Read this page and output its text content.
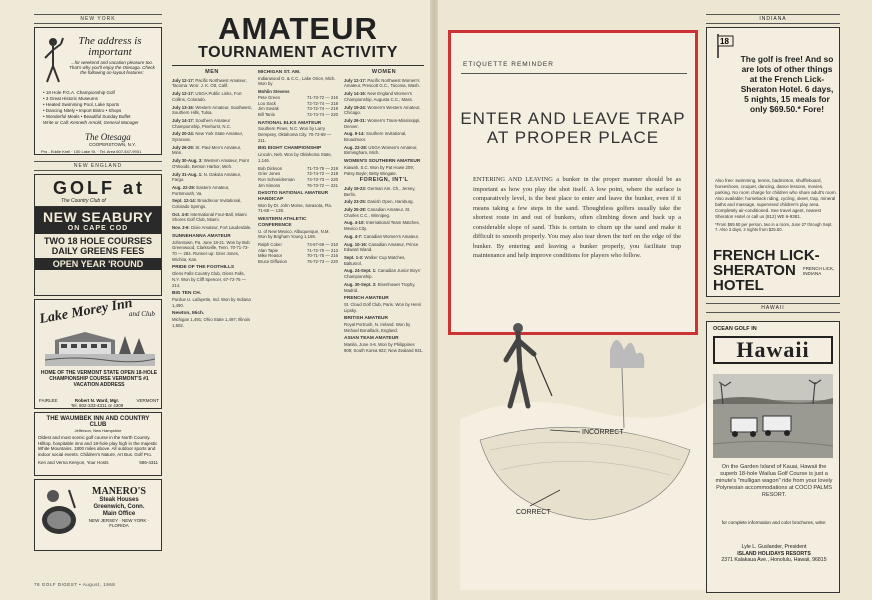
NEW YORK
The address is important
...for weekend and vacation pleasure too. That's why you'll enjoy the Otesaga. Check the following on-layout features:
• 18 Hole P.G.A. Championship Golf
• 3 Great Historic Museums
• Heated Swimming Pool, Lake Sports
• Dancing Nitely • Import Bistro • Shops
• Wonderful Meals • Beautiful Sunday Buffet
Write or Call: Kenneth Arnold, General Manager
The Otesaga
COOPERSTOWN, N.Y.
Pro - Eddie Krell · 100 Lake St. · Tel. Area 607-547-9931
NEW ENGLAND
GOLF at
The Country Club of
NEW SEABURY
ON CAPE COD
TWO 18 HOLE COURSES
DAILY GREENS FEES
OPEN YEAR 'ROUND
Lake Morey Inn
and Club
HOME OF THE VERMONT STATE OPEN 18-HOLE CHAMPIONSHIP COURSE VERMONT'S #1 VACATION ADDRESS
FAIRLEE	Robert N. Ward, Mgr.
Tel. 802-333-4311 or 4309
VERMONT
THE WAUMBEK INN AND COUNTRY CLUB
Jefferson, New Hampshire
Oldest and most scenic golf course in the North Country. Hilltop, hospitable inns and 18-hole play high in the majestic White Mountains. 1800 miles above. All outdoor sports and indoor social events. Children's Nature, Art Bus. Golf Pro.
Ken and Verna Kenyon, Your Hosts	586-4311
MANERO'S
Steak Houses
Greenwich, Conn.
Main Office
NEW JERSEY · NEW YORK · FLORIDA
78 GOLF DIGEST • August, 1968
AMATEUR
TOURNAMENT ACTIVITY
MEN

July 12-17: Pacific Northwest Amateur, Tacoma. Won: J. K. Ott, Calif.

July 12-17: USGA Public Links, Fort Collins, Colorado.

July 13-16: Western Amateur, Southwest, Southern Hills, Tulsa.

July 14-17: Southern Amateur Championship, Pinehurst, N.C.

July 20-24: New York State Amateur, Syracuse.

July 26-29: St. Paul Men's Amateur, Minn.

July 30-Aug. 3: Western Amateur, Point O'Woods, Benton Harbor, Mich.

July 31-Aug. 1: N. Dakota Amateur, Fargo.

Aug. 22-29: Eastern Amateur, Portsmouth, Va.

Sept. 12-14: Broadmoor Invitational, Colorado Springs.

Oct. 4-8: International Four-Ball, Miami Shores Golf Club, Miami.

Nov. 3-6: Dixie Amateur, Fort Lauderdale.

SUNNEHANNA AMATEUR

Johnstown, Pa. June 18-21. Won by Bob Greenwood, Clarksville, Tenn. 70-71-73-70 — 284. Runner-up: Grier Jones, Wichita, Kan.

PRIDE OF THE FOOTHILLS

Glens Falls Country Club, Glens Falls, N.Y. Won by Cliff Spencer, 67-72-75 — 214.

BIG TEN CH.

Purdue U. Lafayette, Ind. Won by Indiana 1,490.

Newton, Mich.

Michigan 1,491; Ohio State 1,497; Illinois 1,502.

MICHIGAN ST. AM.

Indianwood G. & C.C., Lake Orion, Mich. Won by

Mohlin Stevens

Pete Green	71-73-72 — 216

Lou Sack	72-72-74 — 218

Jim Soviak	73-72-74 — 219

Bill Tanis	72-74-74 — 220

NATIONAL ELKS AMATEUR

Southern Pines, N.C. Won by Larry Dempsey, Oklahoma City. 70-72-69 — 211.

BIG EIGHT CHAMPIONSHIP

Lincoln, Neb. Won by Oklahoma State, 1,146.

Bob Dickson	71-73-75 — 219

Grier Jones	72-74-72 — 218

Ron Schneiderman	74-73-73 — 220

Jim Simons	76-73-72 — 221

DeSOTO NATIONAL AMATEUR HANDICAP

Won by Dr. John Morse, Sarasota, Fla. 71-68 — 139.

WESTERN ATHLETIC CONFERENCE

U. of New Mexico, Albuquerque, N.M. Won by Brigham Young 1,169.

Ralph Coker	74-67-69 — 210

Alan Tapie	71-72-70 — 213

Mike Reasor	70-71-75 — 216

Bruce Diffusion	75-72-73 — 220

WOMEN

July 12-17: Pacific Northwest Women's Amateur, Prescott G.C., Tacoma, Wash.

July 14-16: New England Women's Championship, Augusta C.C., Mass.

July 19-24: Women's Western Amateur, Chicago.

July 26-31: Women's Trans-Mississippi, Denver.

Aug. 9-14: Southern Invitational, Broadmoor.

Aug. 22-28: USGA Women's Amateur, Birmingham, Mich.

WOMEN'S SOUTHERN AMATEUR

Kiawah, S.C. Won by Pat Howe 209; Patsy Boyle; Betty Wingate.

FOREIGN, INT'L

July 19-23: German Am. Ch., Jersey, Berlin.

July 23-25: Danish Open, Hamburg.

July 25-28: Canadian Amateur, St. Charles C.C., Winnipeg.

Aug. 4-10: International Team Matches, Mexico City.

Aug. 4-7: Canadian Women's Amateur.

Aug. 10-16: Canadian Amateur, Prince Edward Island.

Sept. 1-3: Walker Cup Matches, Baltusrol.

Aug. 24-Sept. 1: Canadian Junior Boys' Championship.

Aug. 30-Sept. 3: Eisenhower Trophy, Madrid.

FRENCH AMATEUR

St. Cloud Golf Club, Paris. Won by Henri Lipsky.

BRITISH AMATEUR

Royal Portrush, N. Ireland. Won by Michael Bonallack, England.

ASIAN TEAM AMATEUR

Manila, June 4-6. Won by Philippines 908; South Korea 922; New Zealand 931.

ETIQUETTE REMINDER
ENTER AND LEAVE TRAP AT PROPER PLACE
ENTERING AND LEAVING a bunker in the proper manner should be as important as how you play the shot itself. A low point, where the surface is comparatively level, is the best place to enter and leave the bunker, even if it means taking a few steps in the sand. Thoughtless golfers usually take the shortest route in and out of bunkers, often climbing down and back up a considerable slope of sand. This is certain to churn up the sand and make it difficult to smooth properly. You may also tear down the turf on the edge of the bunker. By entering and leaving a bunker properly, you facilitate trap maintenance and help improve conditions for players who follow.
INCORRECT
CORRECT
INDIANA
18
The golf is free! And so are lots of other things at the French Lick-Sheraton Hotel. 6 days, 5 nights, 15 meals for only $69.50.* Fore!
Also free: swimming, tennis, badminton, shuffleboard, horseshoes, croquet, dancing, dance lessons, movies, parking. No room charge for children who share adult's room. Also available: horseback riding, cycling, skeet, trap, mineral baths and massage, supervised children's play area. Completely air-conditioned. See travel agent, nearest Sheraton Hotel or call us (812) WE 6-9381.
*From $69.50 per person, two in a room, June 27 through Sept. 7. Also 3 days, 2 nights from $25.50.
FRENCH LICK-SHERATON HOTEL
FRENCH LICK, INDIANA
HAWAII
OCEAN GOLF IN
Hawaii
On the Garden Island of Kauai, Hawaii the superb 18-hole Wailua Golf Course is just a minute's "mulligan wagon" ride from your lovely Polynesian accommodations at COCO PALMS RESORT.
for complete information and color brochures, write:
Lyle L. Guslander, President
ISLAND HOLIDAYS RESORTS
2371 Kalakaua Ave., Honolulu, Hawaii, 96815
